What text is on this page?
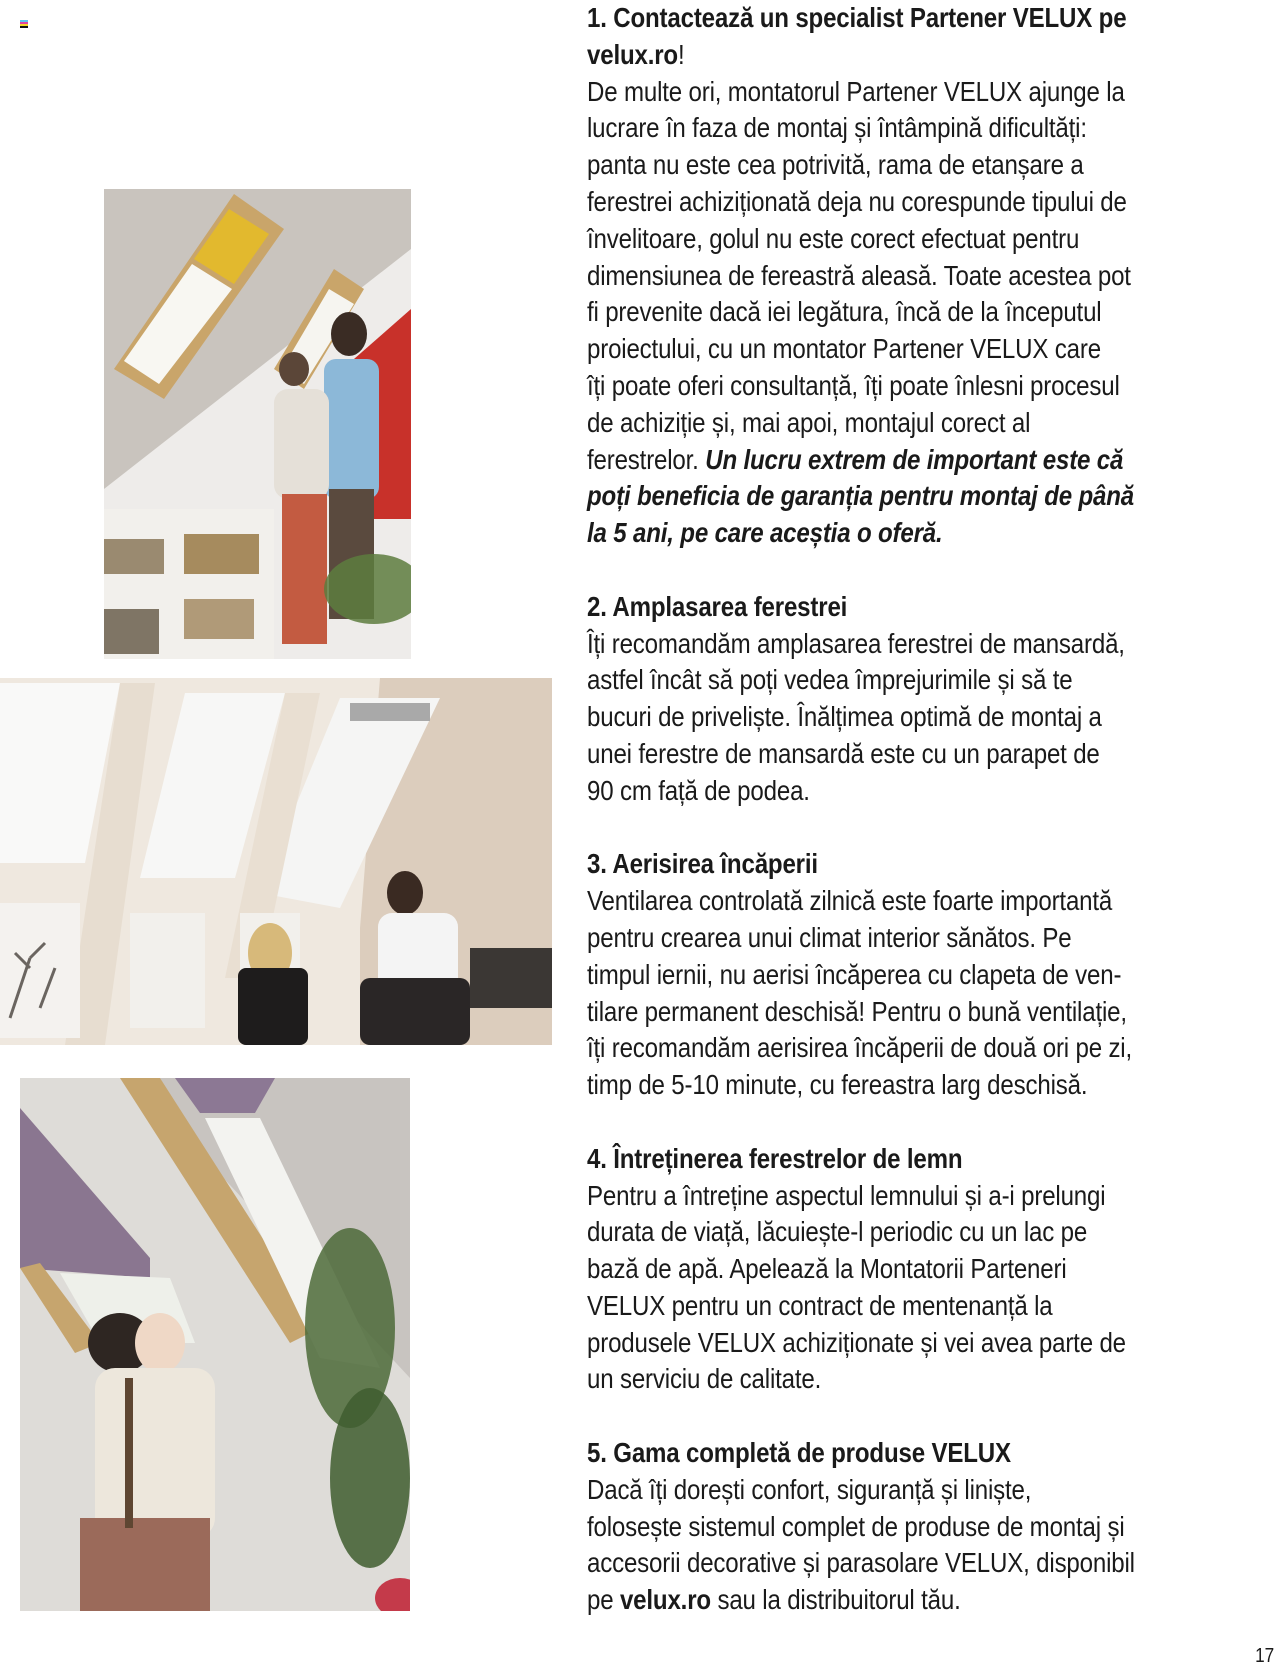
1. Contactează un specialist Partener VELUX pe
velux.ro!

De multe ori, montatorul Partener VELUX ajunge la
lucrare în faza de montaj și întâmpină dificultăți:
panta nu este cea potrivită, rama de etanșare a
ferestrei achiziționată deja nu corespunde tipului de
învelitoare, golul nu este corect efectuat pentru
dimensiunea de fereastră aleasă. Toate acestea pot
fi prevenite dacă iei legătura, încă de la începutul
proiectului, cu un montator Partener VELUX care
îți poate oferi consultanță, îți poate înlesni procesul
de achiziție și, mai apoi, montajul corect al
ferestrelor. Un lucru extrem de important este că
poți beneficia de garanția pentru montaj de până
la 5 ani, pe care aceștia o oferă.

2. Amplasarea ferestrei

Îți recomandăm amplasarea ferestrei de mansardă,
astfel încât să poți vedea împrejurimile și să te
bucuri de priveliște. Înălțimea optimă de montaj a
unei ferestre de mansardă este cu un parapet de
90 cm față de podea.

3. Aerisirea încăperii

Ventilarea controlată zilnică este foarte importantă
pentru crearea unui climat interior sănătos. Pe
timpul iernii, nu aerisi încăperea cu clapeta de ven-
tilare permanent deschisă! Pentru o bună ventilație,
îți recomandăm aerisirea încăperii de două ori pe zi,
timp de 5-10 minute, cu fereastra larg deschisă.

4. Întreținerea ferestrelor de lemn

Pentru a întreține aspectul lemnului și a-i prelungi
durata de viață, lăcuiește-l periodic cu un lac pe
bază de apă. Apelează la Montatorii Parteneri
VELUX pentru un contract de mentenanță la
produsele VELUX achiziționate și vei avea parte de
un serviciu de calitate.

5. Gama completă de produse VELUX

Dacă îți dorești confort, siguranță și liniște,
folosește sistemul complet de produse de montaj și
accesorii decorative și parasolare VELUX, disponibil
pe velux.ro sau la distribuitorul tău.

17
